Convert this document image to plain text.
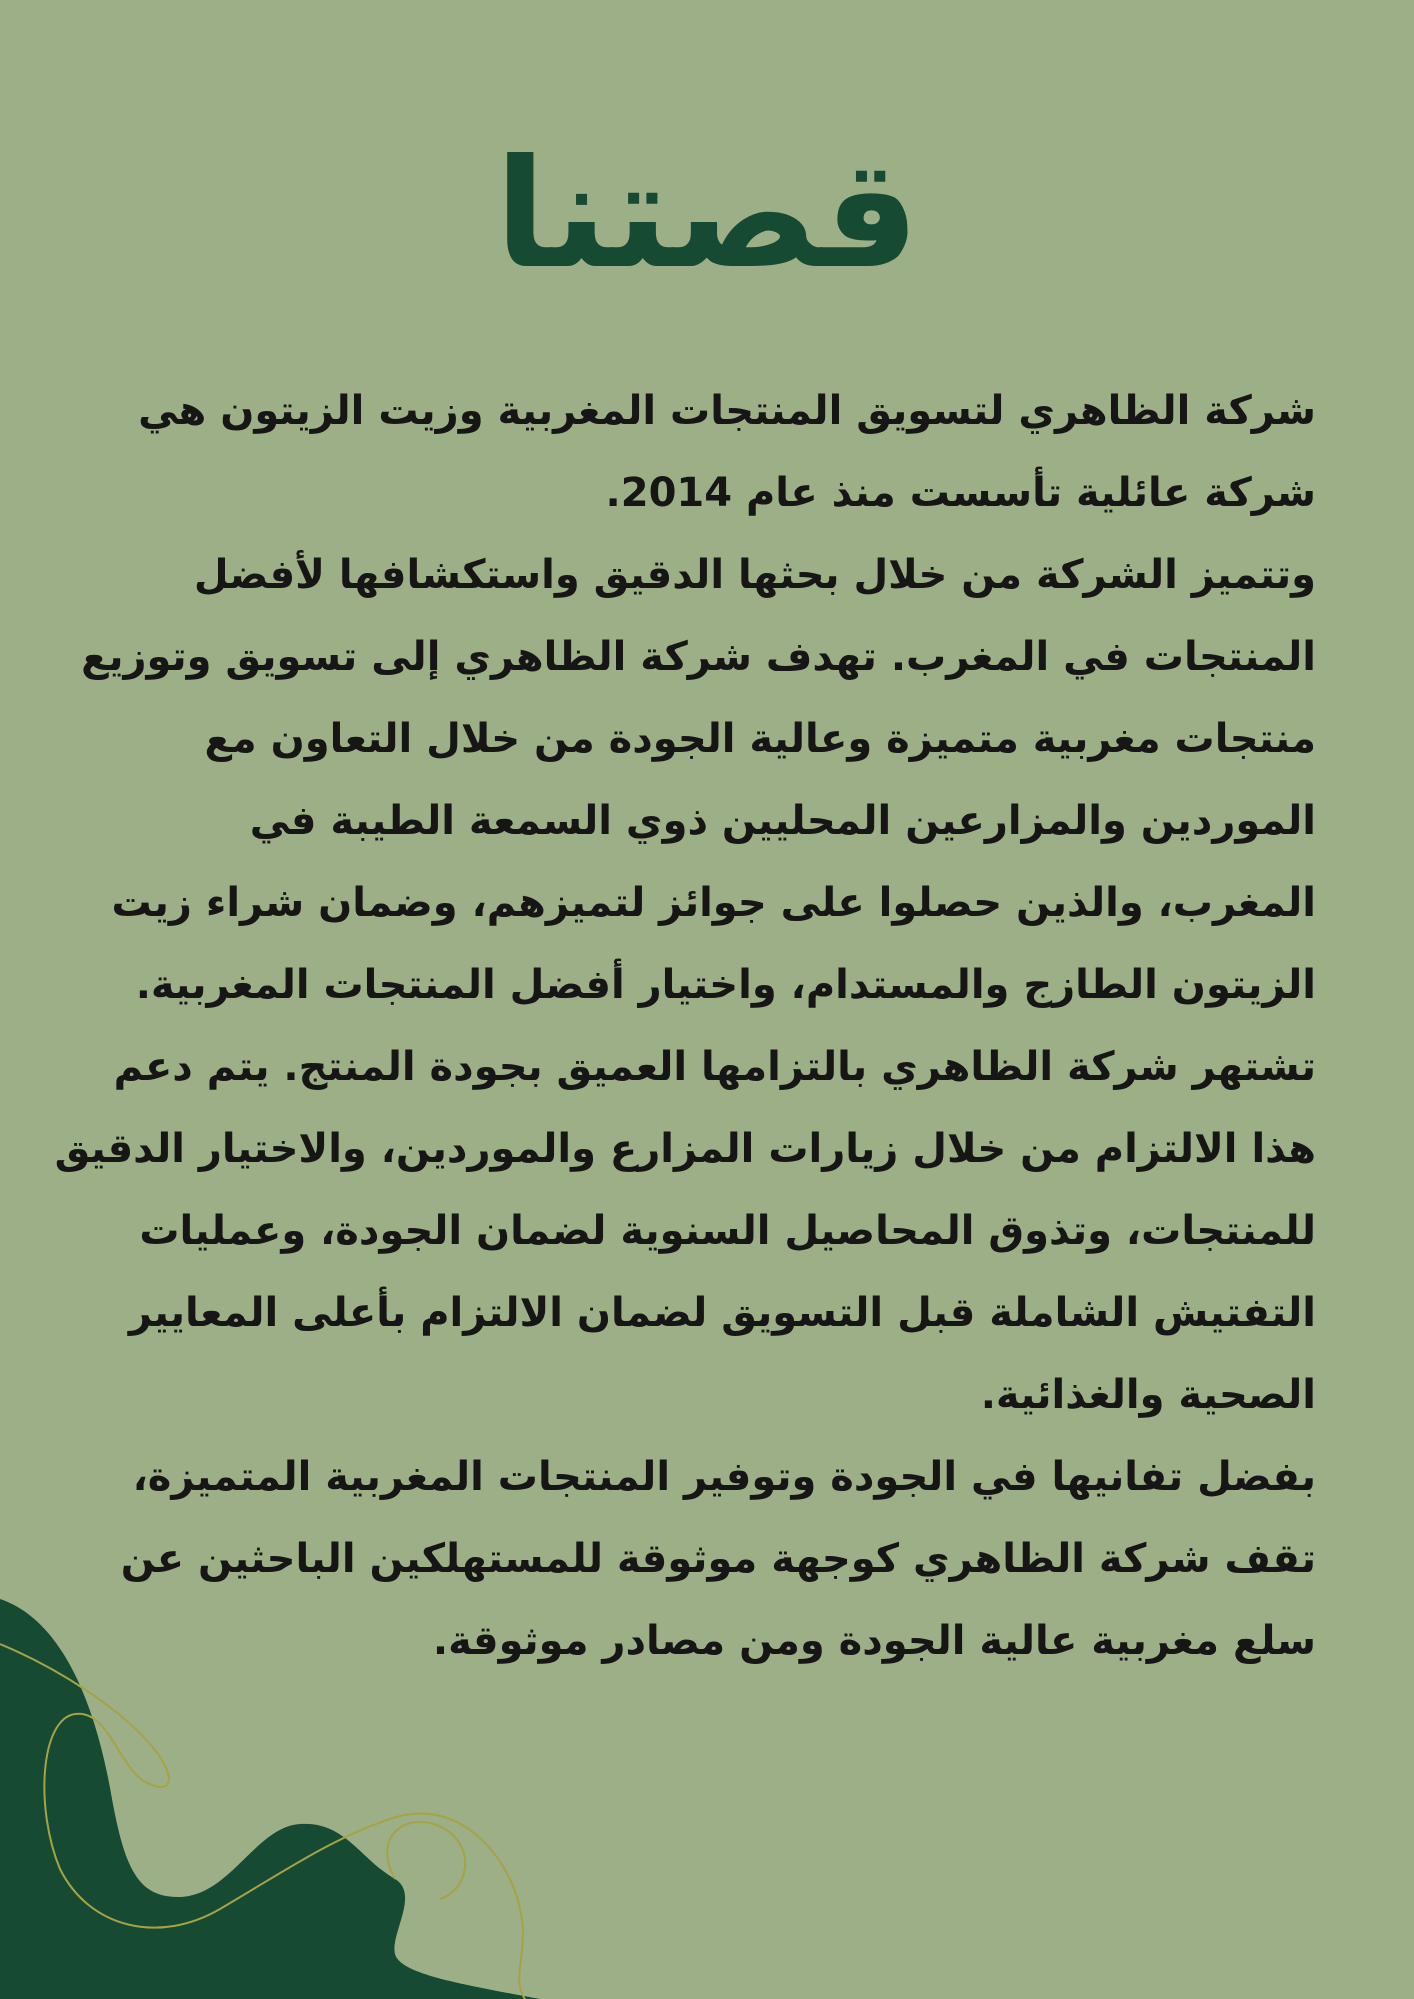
قصتنا
شركة الظاهري لتسويق المنتجات المغربية وزيت الزيتون هي
شركة عائلية تأسست منذ عام 2014.
وتتميز الشركة من خلال بحثها الدقيق واستكشافها لأفضل
المنتجات في المغرب. تهدف شركة الظاهري إلى تسويق وتوزيع
منتجات مغربية متميزة وعالية الجودة من خلال التعاون مع
الموردين والمزارعين المحليين ذوي السمعة الطيبة في
المغرب، والذين حصلوا على جوائز لتميزهم، وضمان شراء زيت
الزيتون الطازج والمستدام، واختيار أفضل المنتجات المغربية.
تشتهر شركة الظاهري بالتزامها العميق بجودة المنتج. يتم دعم
هذا الالتزام من خلال زيارات المزارع والموردين، والاختيار الدقيق
للمنتجات، وتذوق المحاصيل السنوية لضمان الجودة، وعمليات
التفتيش الشاملة قبل التسويق لضمان الالتزام بأعلى المعايير
الصحية والغذائية.
بفضل تفانيها في الجودة وتوفير المنتجات المغربية المتميزة،
تقف شركة الظاهري كوجهة موثوقة للمستهلكين الباحثين عن
سلع مغربية عالية الجودة ومن مصادر موثوقة.
